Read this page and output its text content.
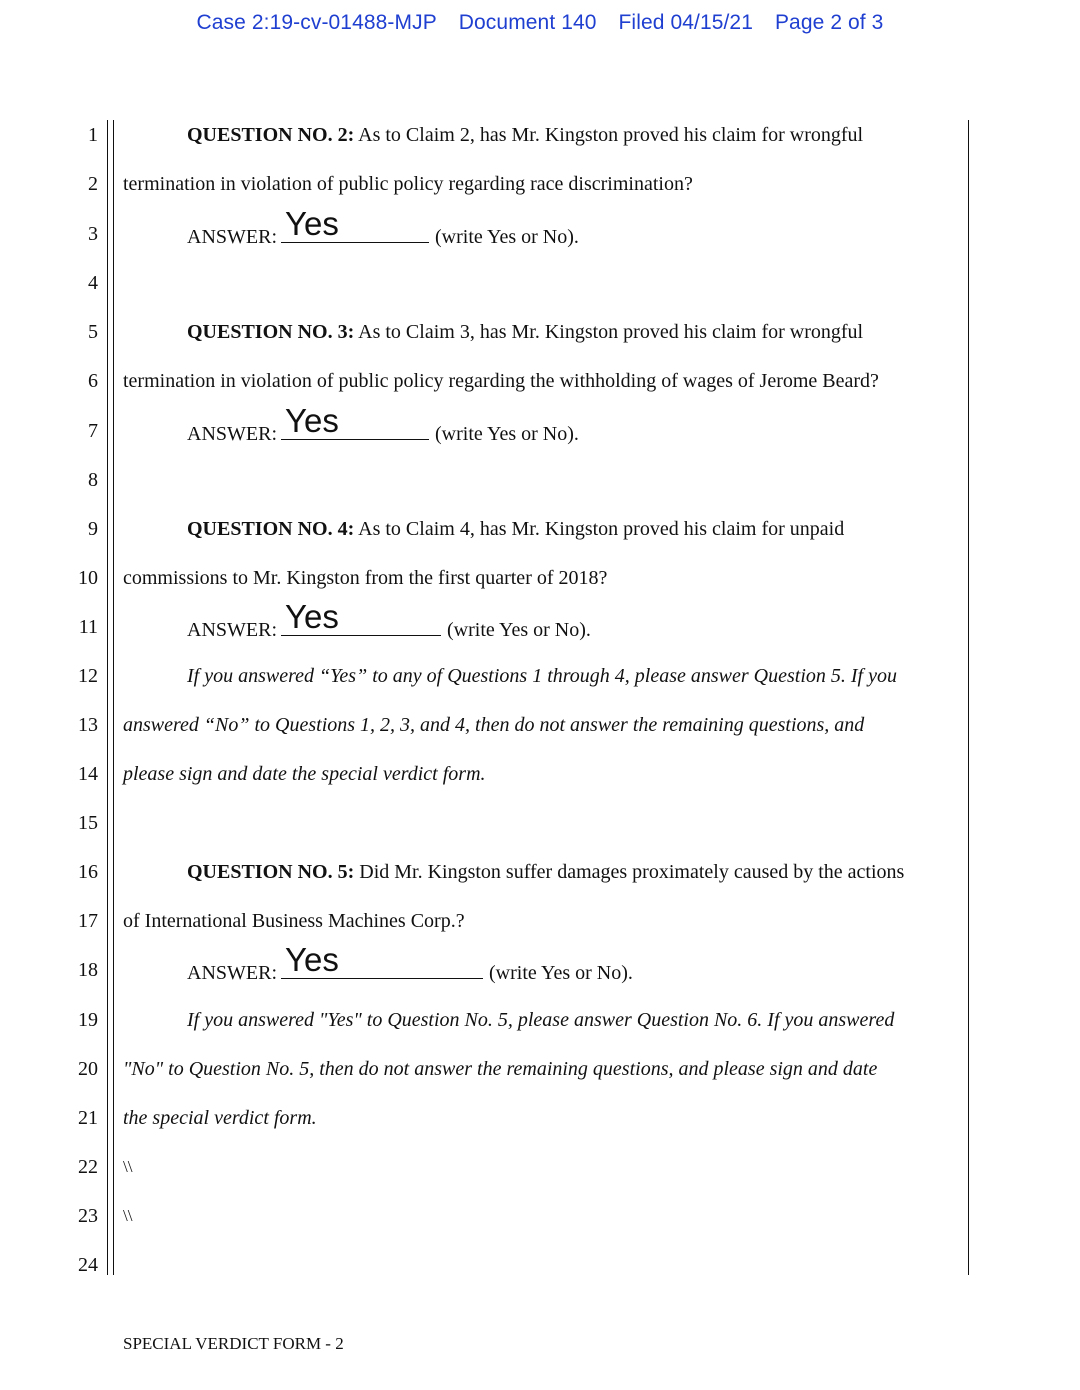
Case 2:19-cv-01488-MJP Document 140 Filed 04/15/21 Page 2 of 3
1
2
3
4
5
6
7
8
9
10
11
12
13
14
15
16
17
18
19
20
21
22
23
24
QUESTION NO. 2: As to Claim 2, has Mr. Kingston proved his claim for wrongful
termination in violation of public policy regarding race discrimination?
ANSWER: Yes	(write Yes or No).
QUESTION NO. 3: As to Claim 3, has Mr. Kingston proved his claim for wrongful
termination in violation of public policy regarding the withholding of wages of Jerome Beard?
ANSWER: Yes	(write Yes or No).
QUESTION NO. 4: As to Claim 4, has Mr. Kingston proved his claim for unpaid
commissions to Mr. Kingston from the first quarter of 2018?
ANSWER: Yes	(write Yes or No).
If you answered “Yes” to any of Questions 1 through 4, please answer Question 5. If you
answered “No” to Questions 1, 2, 3, and 4, then do not answer the remaining questions, and
please sign and date the special verdict form.
QUESTION NO. 5: Did Mr. Kingston suffer damages proximately caused by the actions
of International Business Machines Corp.?
ANSWER: Yes	(write Yes or No).
If you answered "Yes" to Question No. 5, please answer Question No. 6. If you answered
"No" to Question No. 5, then do not answer the remaining questions, and please sign and date
the special verdict form.
\\
\\
SPECIAL VERDICT FORM - 2
